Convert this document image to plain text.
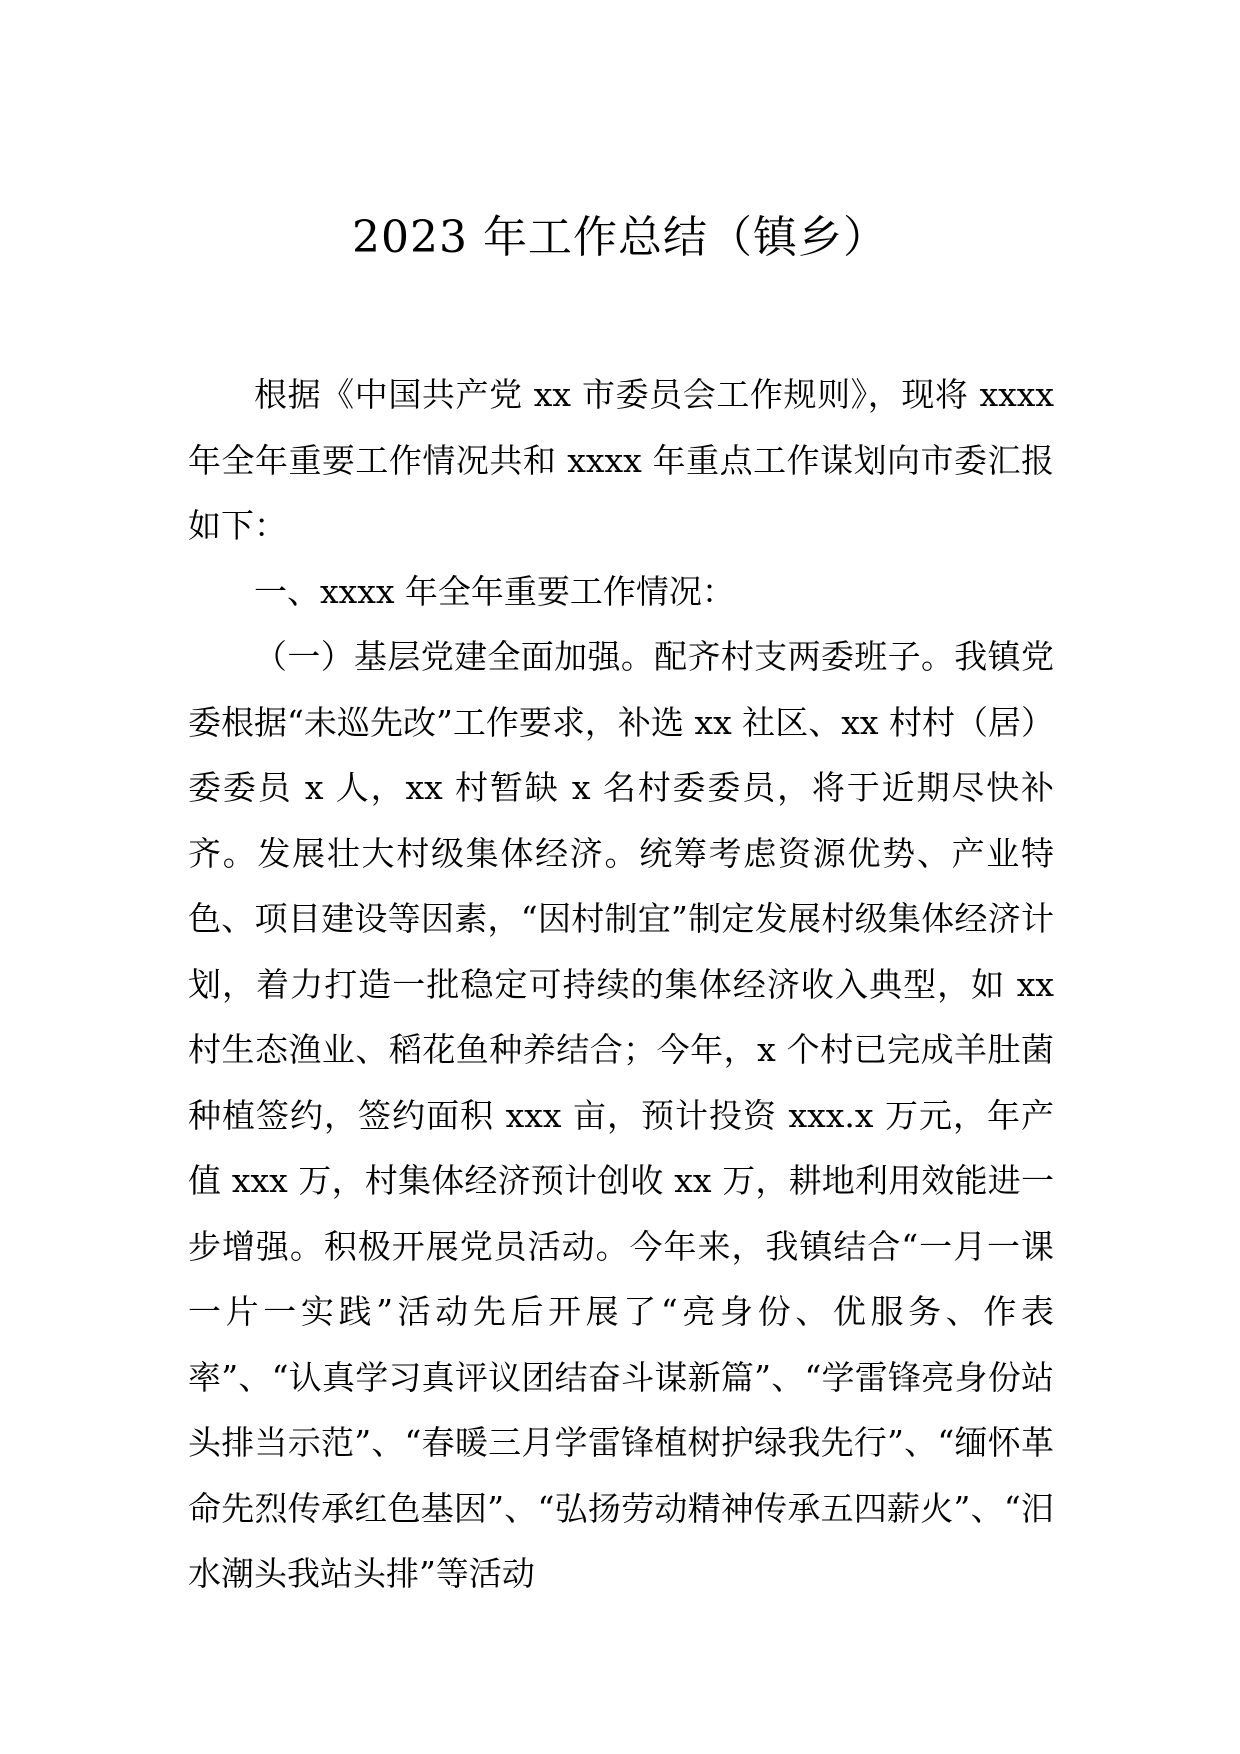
2023 年工作总结（镇乡）

根据《中国共产党 xx 市委员会工作规则》，现将 xxxx 年全年重要工作情况共和 xxxx 年重点工作谋划向市委汇报如下：

一、xxxx 年全年重要工作情况：

（一）基层党建全面加强。配齐村支两委班子。我镇党委根据“未巡先改”工作要求，补选 xx 社区、xx 村村（居）委委员 x 人，xx 村暂缺 x 名村委委员，将于近期尽快补齐。发展壮大村级集体经济。统筹考虑资源优势、产业特色、项目建设等因素，“因村制宜”制定发展村级集体经济计划，着力打造一批稳定可持续的集体经济收入典型，如 xx 村生态渔业、稻花鱼种养结合；今年，x 个村已完成羊肚菌种植签约，签约面积 xxx 亩，预计投资 xxx.x 万元，年产值 xxx 万，村集体经济预计创收 xx 万，耕地利用效能进一步增强。积极开展党员活动。今年来，我镇结合“一月一课一片一实践”活动先后开展了“亮身份、优服务、作表率”、“认真学习真评议团结奋斗谋新篇”、“学雷锋亮身份站头排当示范”、“春暖三月学雷锋植树护绿我先行”、“缅怀革命先烈传承红色基因”、“弘扬劳动精神传承五四薪火”、“汨水潮头我站头排”等活动
